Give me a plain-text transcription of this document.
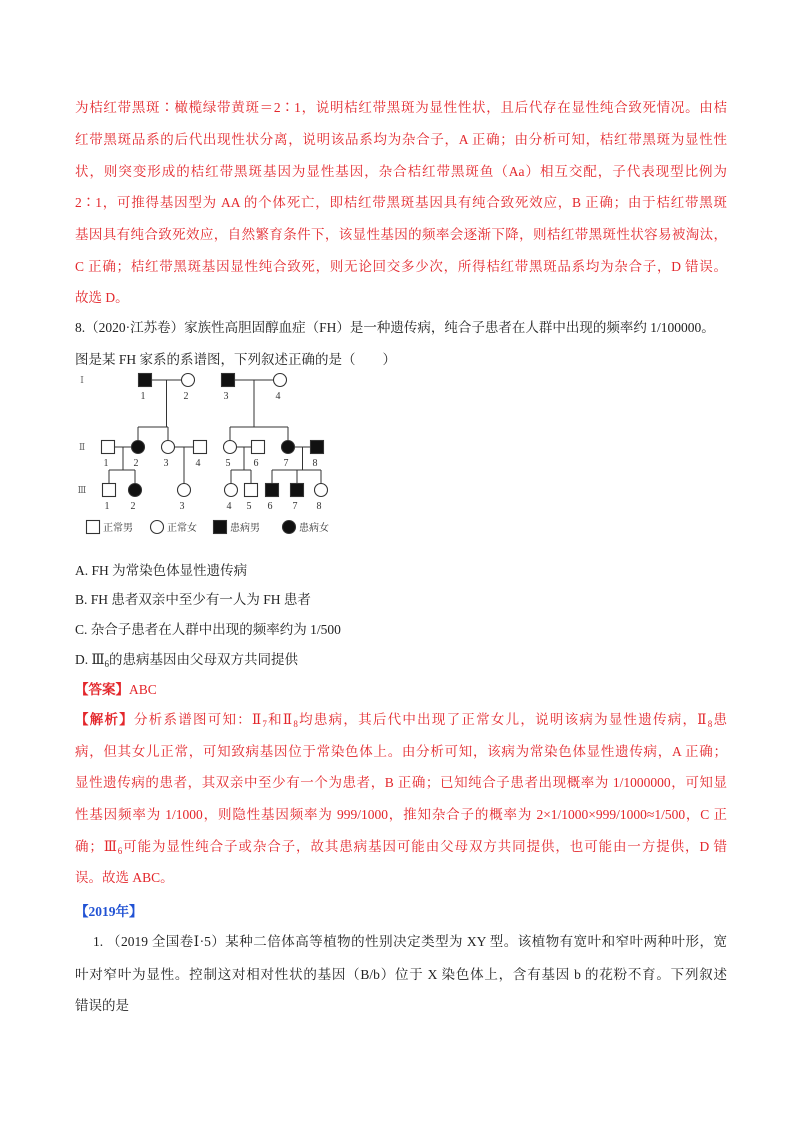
为桔红带黑斑∶橄榄绿带黄斑＝2∶1，说明桔红带黑斑为显性性状，且后代存在显性纯合致死情况。由桔
红带黑斑品系的后代出现性状分离，说明该品系均为杂合子，A 正确；由分析可知，桔红带黑斑为显性性
状，则突变形成的桔红带黑斑基因为显性基因，杂合桔红带黑斑鱼（Aa）相互交配，子代表现型比例为
2∶1，可推得基因型为 AA 的个体死亡，即桔红带黑斑基因具有纯合致死效应，B 正确；由于桔红带黑斑
基因具有纯合致死效应，自然繁育条件下，该显性基因的频率会逐渐下降，则桔红带黑斑性状容易被淘汰，
C 正确；桔红带黑斑基因显性纯合致死，则无论回交多少次，所得桔红带黑斑品系均为杂合子，D 错误。
故选 D。
8.（2020·江苏卷）家族性高胆固醇血症（FH）是一种遗传病，纯合子患者在人群中出现的频率约 1/100000。
图是某 FH 家系的系谱图，下列叙述正确的是（　　）
Ⅰ
1	2	3	4
Ⅱ
1	2	3	4	5 6	7 8
Ⅲ
1 2	3	4 5 6 7 8
正常男	正常女	患病男	患病女
A. FH 为常染色体显性遗传病
B. FH 患者双亲中至少有一人为 FH 患者
C. 杂合子患者在人群中出现的频率约为 1/500
D. $Ⅲ_6$的患病基因由父母双方共同提供
【答案】ABC
【解析】分析系谱图可知：$Ⅱ_7$和$Ⅱ_8$均患病，其后代中出现了正常女儿，说明该病为显性遗传病，$Ⅱ_8$患
病，但其女儿正常，可知致病基因位于常染色体上。由分析可知，该病为常染色体显性遗传病，A 正确；
显性遗传病的患者，其双亲中至少有一个为患者，B 正确；已知纯合子患者出现概率为 1/1000000，可知显
性基因频率为 1/1000，则隐性基因频率为 999/1000，推知杂合子的概率为 2×1/1000×999/1000≈1/500，C 正
确；$Ⅲ_6$可能为显性纯合子或杂合子，故其患病基因可能由父母双方共同提供，也可能由一方提供，D 错
误。故选 ABC。
【2019年】
1. （2019 全国卷Ⅰ·5）某种二倍体高等植物的性别决定类型为 XY 型。该植物有宽叶和窄叶两种叶形，宽
叶对窄叶为显性。控制这对相对性状的基因（B/b）位于 X 染色体上，含有基因 b 的花粉不育。下列叙述
错误的是
